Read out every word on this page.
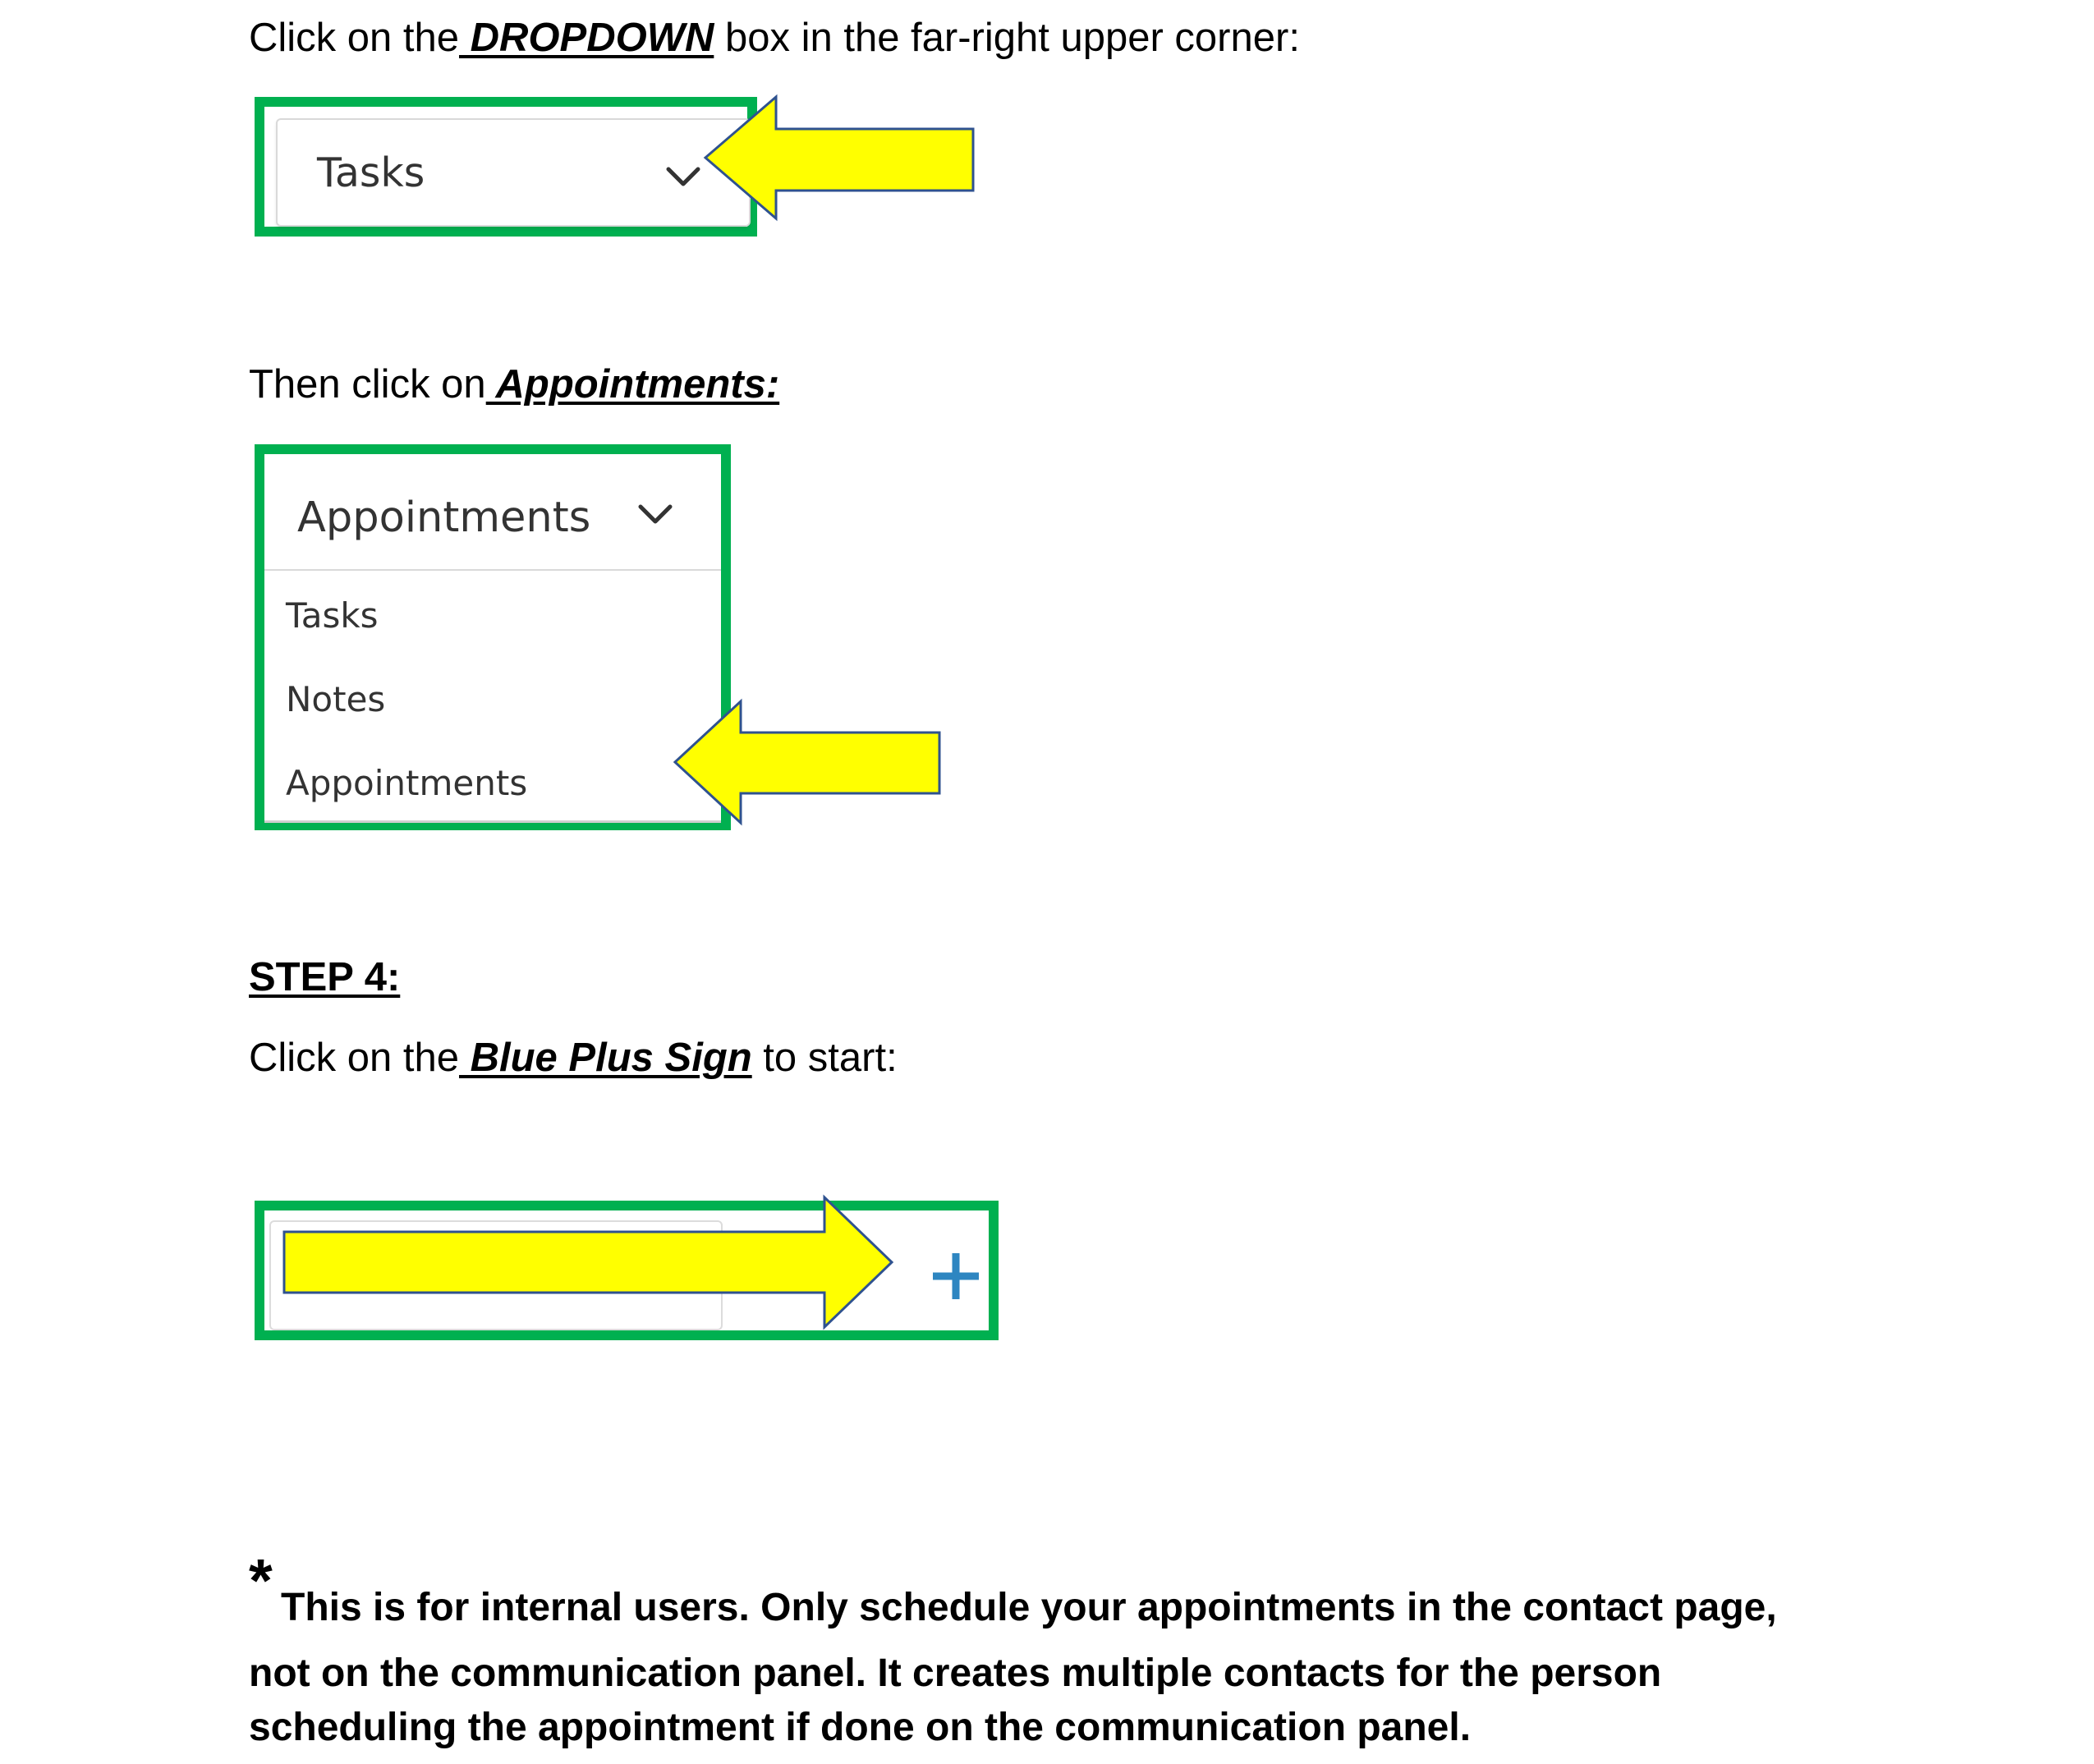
Click on the DROPDOWN box in the far-right upper corner:

Tasks

Then click on Appointments:

Appointments
Tasks
Notes
Appointments

STEP 4:

Click on the Blue Plus Sign to start:

* This is for internal users. Only schedule your appointments in the contact page,

not on the communication panel. It creates multiple contacts for the person

scheduling the appointment if done on the communication panel.
